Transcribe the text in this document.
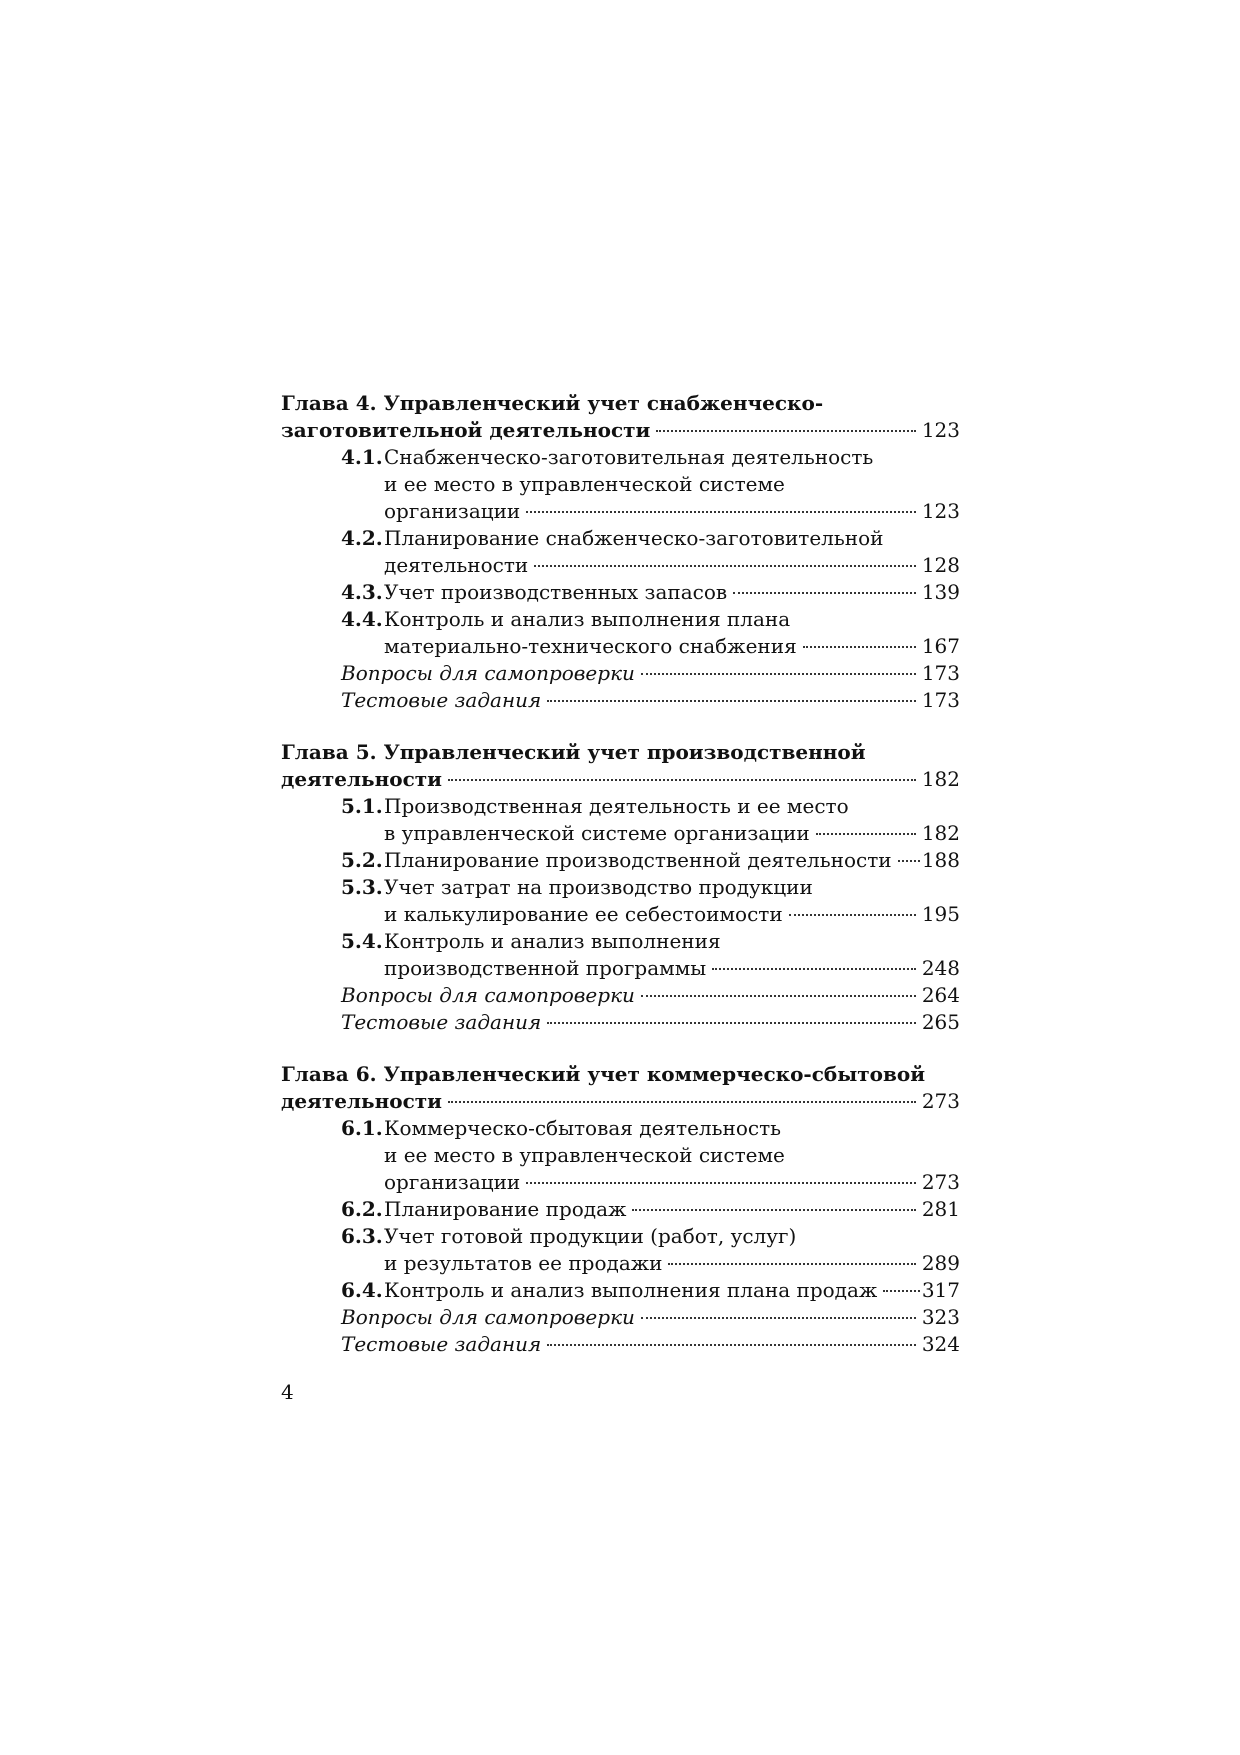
Глава 4. Управленческий учет снабженческо-
заготовительной деятельности	123
4.1. Снабженческо-заготовительная деятельность
и ее место в управленческой системе
организации	123
4.2. Планирование снабженческо-заготовительной
деятельности	128
4.3. Учет производственных запасов	139
4.4. Контроль и анализ выполнения плана
материально-технического снабжения	167
Вопросы для самопроверки	173
Тестовые задания	173
Глава 5. Управленческий учет производственной
деятельности	182
5.1. Производственная деятельность и ее место
в управленческой системе организации	182
5.2. Планирование производственной деятельности 188
5.3. Учет затрат на производство продукции
и калькулирование ее себестоимости	195
5.4. Контроль и анализ выполнения
производственной программы	248
Вопросы для самопроверки	264
Тестовые задания	265
Глава 6. Управленческий учет коммерческо-сбытовой
деятельности	273
6.1. Коммерческо-сбытовая деятельность
и ее место в управленческой системе
организации	273
6.2. Планирование продаж	281
6.3. Учет готовой продукции (работ, услуг)
и результатов ее продажи	289
6.4. Контроль и анализ выполнения плана продаж 317
Вопросы для самопроверки	323
Тестовые задания	324
4
